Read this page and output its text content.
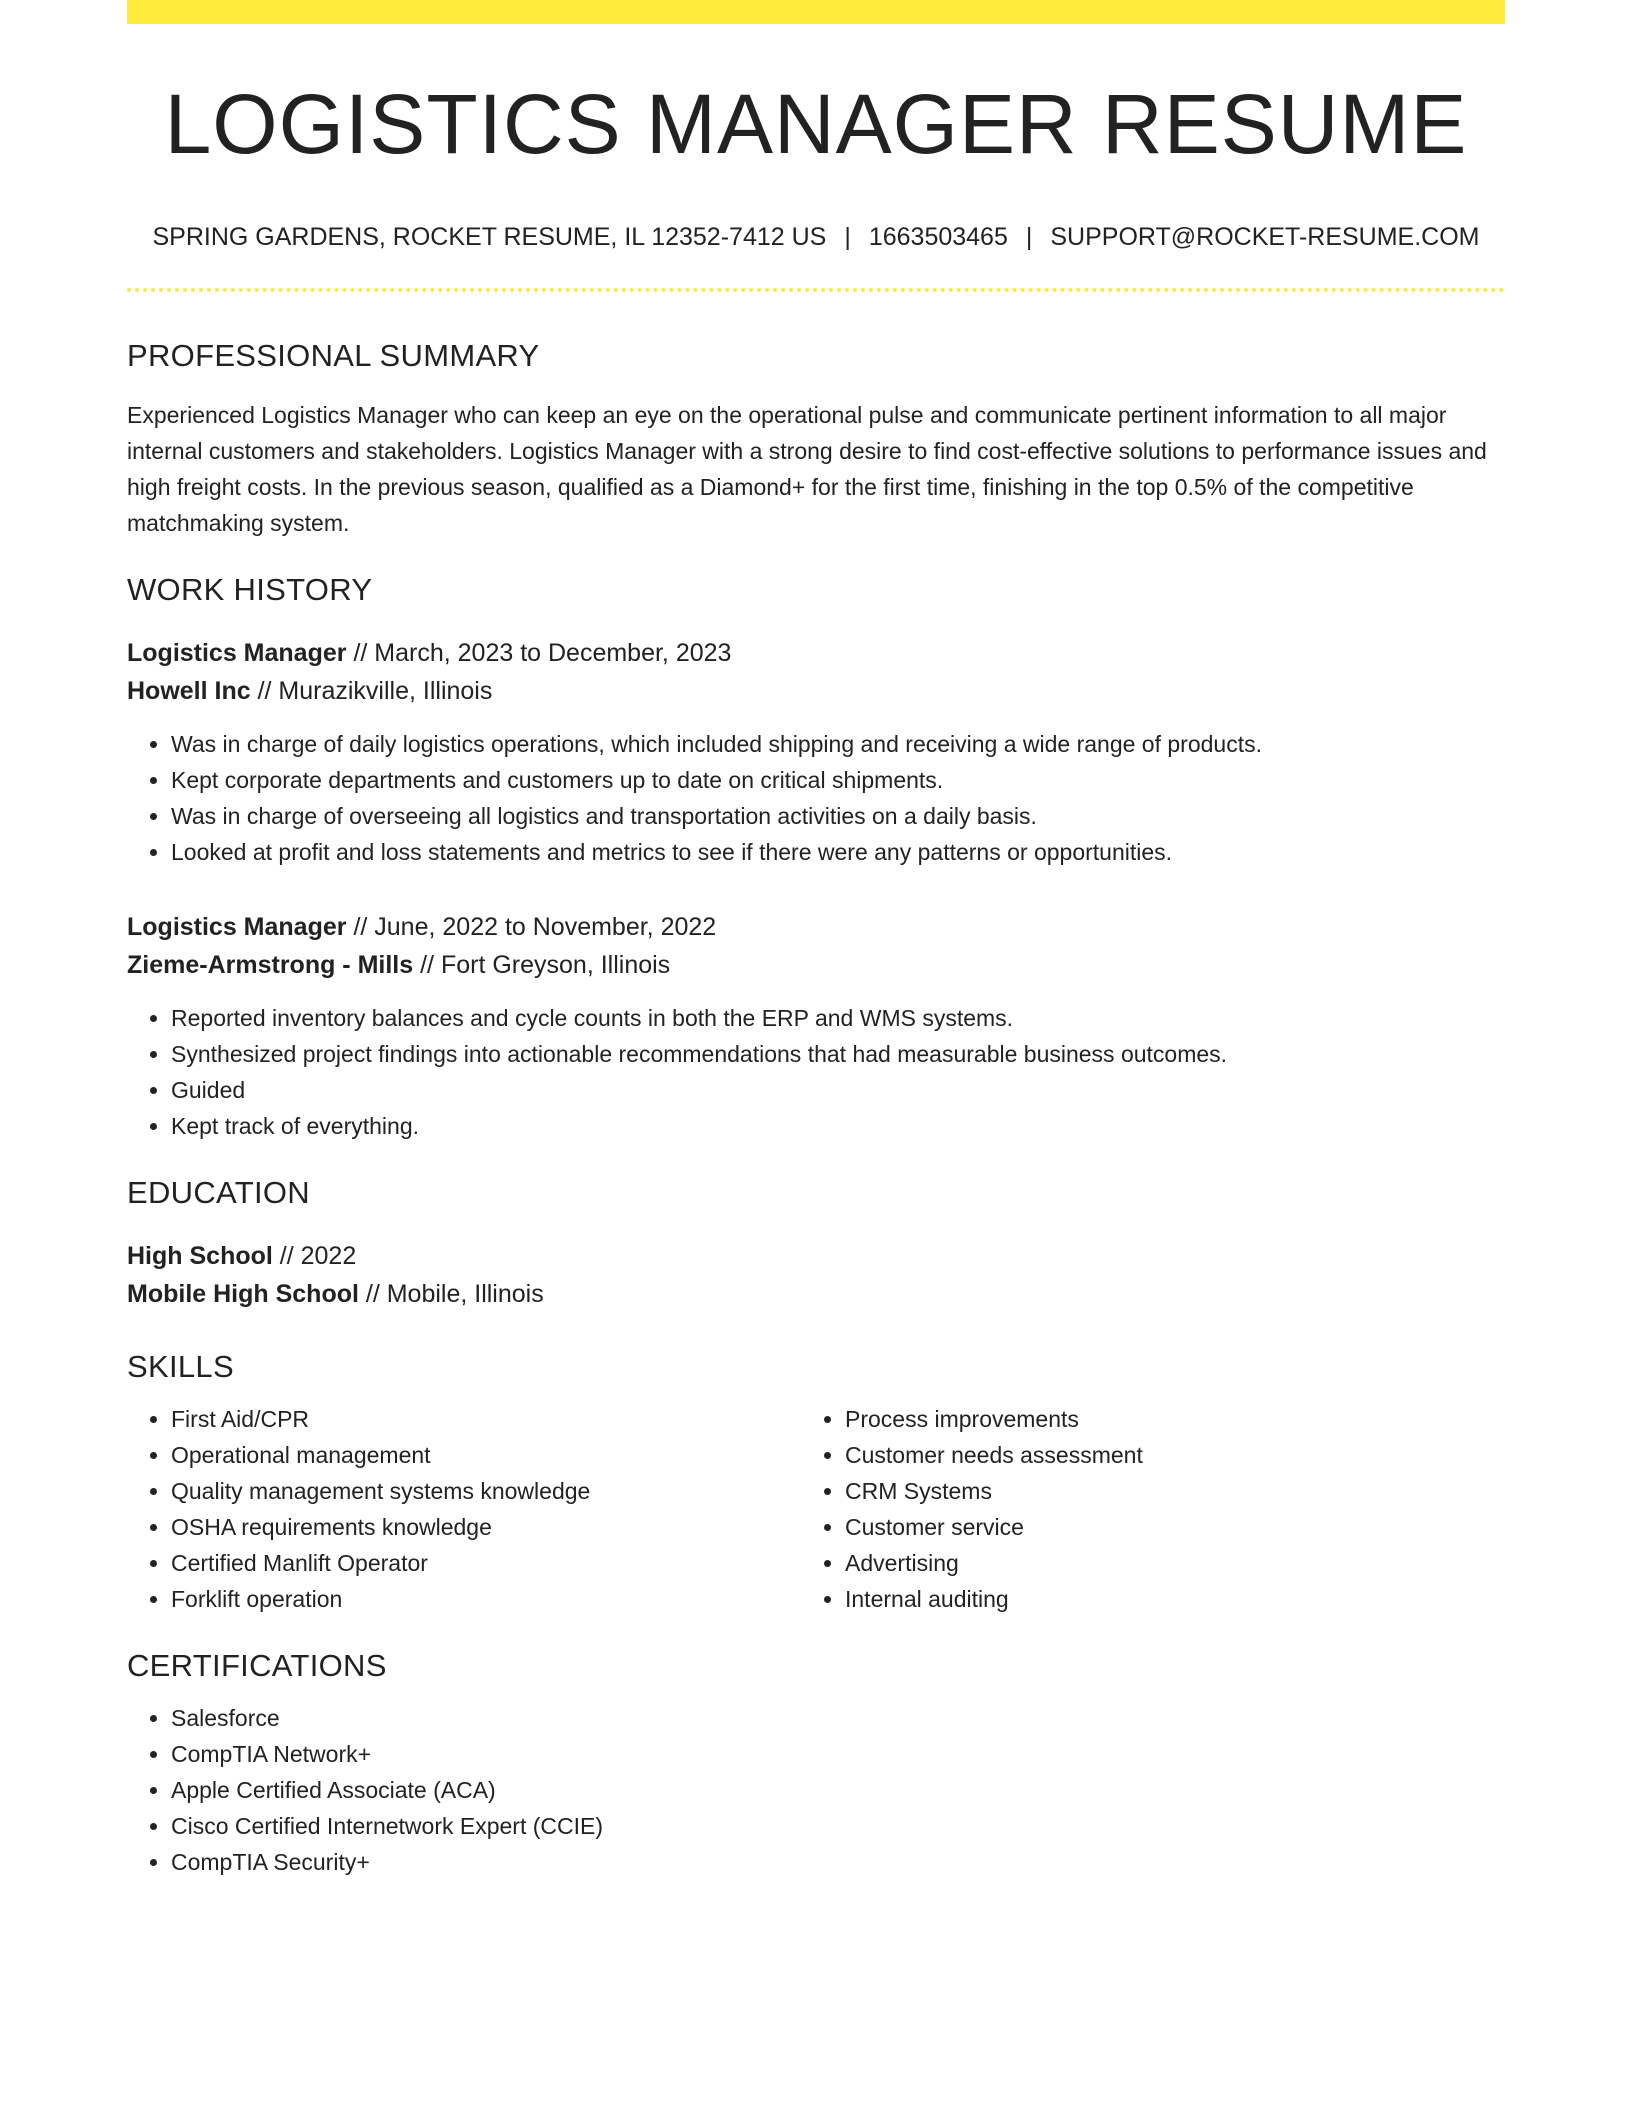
LOGISTICS MANAGER RESUME
SPRING GARDENS, ROCKET RESUME, IL 12352-7412 US | 1663503465 | SUPPORT@ROCKET-RESUME.COM
PROFESSIONAL SUMMARY
Experienced Logistics Manager who can keep an eye on the operational pulse and communicate pertinent information to all major internal customers and stakeholders. Logistics Manager with a strong desire to find cost-effective solutions to performance issues and high freight costs. In the previous season, qualified as a Diamond+ for the first time, finishing in the top 0.5% of the competitive matchmaking system.
WORK HISTORY
Logistics Manager // March, 2023 to December, 2023
Howell Inc // Murazikville, Illinois
• Was in charge of daily logistics operations, which included shipping and receiving a wide range of products.
• Kept corporate departments and customers up to date on critical shipments.
• Was in charge of overseeing all logistics and transportation activities on a daily basis.
• Looked at profit and loss statements and metrics to see if there were any patterns or opportunities.
Logistics Manager // June, 2022 to November, 2022
Zieme-Armstrong - Mills // Fort Greyson, Illinois
• Reported inventory balances and cycle counts in both the ERP and WMS systems.
• Synthesized project findings into actionable recommendations that had measurable business outcomes.
• Guided
• Kept track of everything.
EDUCATION
High School // 2022
Mobile High School // Mobile, Illinois
SKILLS
• First Aid/CPR
• Operational management
• Quality management systems knowledge
• OSHA requirements knowledge
• Certified Manlift Operator
• Forklift operation
• Process improvements
• Customer needs assessment
• CRM Systems
• Customer service
• Advertising
• Internal auditing
CERTIFICATIONS
• Salesforce
• CompTIA Network+
• Apple Certified Associate (ACA)
• Cisco Certified Internetwork Expert (CCIE)
• CompTIA Security+
